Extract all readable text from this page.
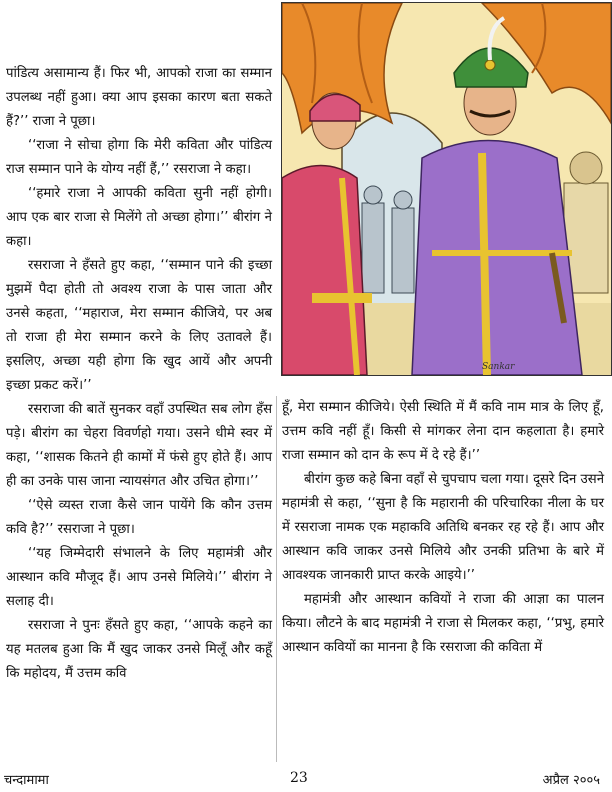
Sankar

पांडित्य असामान्य हैं। फिर भी, आपको राजा का सम्मान उपलब्ध नहीं हुआ। क्या आप इसका कारण बता सकते हैं?’’ राजा ने पूछा।

‘‘राजा ने सोचा होगा कि मेरी कविता और पांडित्य राज सम्मान पाने के योग्य नहीं हैं,’’ रसराजा ने कहा।

‘‘हमारे राजा ने आपकी कविता सुनी नहीं होगी। आप एक बार राजा से मिलेंगे तो अच्छा होगा।’’ बीरांग ने कहा।

रसराजा ने हँसते हुए कहा, ‘‘सम्मान पाने की इच्छा मुझमें पैदा होती तो अवश्य राजा के पास जाता और उनसे कहता, ‘‘महाराज, मेरा सम्मान कीजिये, पर अब तो राजा ही मेरा सम्मान करने के लिए उतावले हैं। इसलिए, अच्छा यही होगा कि खुद आयें और अपनी इच्छा प्रकट करें।’’

रसराजा की बातें सुनकर वहाँ उपस्थित सब लोग हँस पड़े। बीरांग का चेहरा विवर्णहो गया। उसने धीमे स्वर में कहा, ‘‘शासक कितने ही कामों में फंसे हुए होते हैं। आप ही का उनके पास जाना न्यायसंगत और उचित होगा।’’

‘‘ऐसे व्यस्त राजा कैसे जान पायेंगे कि कौन उत्तम कवि है?’’ रसराजा ने पूछा।

‘‘यह जिम्मेदारी संभालने के लिए महामंत्री और आस्थान कवि मौजूद हैं। आप उनसे मिलिये।’’ बीरांग ने सलाह दी।

रसराजा ने पुनः हँसते हुए कहा, ‘‘आपके कहने का यह मतलब हुआ कि मैं खुद जाकर उनसे मिलूँ और कहूँ कि महोदय, मैं उत्तम कवि

हूँ, मेरा सम्मान कीजिये। ऐसी स्थिति में मैं कवि नाम मात्र के लिए हूँ, उत्तम कवि नहीं हूँ। किसी से मांगकर लेना दान कहलाता है। हमारे राजा सम्मान को दान के रूप में दे रहे हैं।’’

बीरांग कुछ कहे बिना वहाँ से चुपचाप चला गया। दूसरे दिन उसने महामंत्री से कहा, ‘‘सुना है कि महारानी की परिचारिका नीला के घर में रसराजा नामक एक महाकवि अतिथि बनकर रह रहे हैं। आप और आस्थान कवि जाकर उनसे मिलिये और उनकी प्रतिभा के बारे में आवश्यक जानकारी प्राप्त करके आइये।’’

महामंत्री और आस्थान कवियों ने राजा की आज्ञा का पालन किया। लौटने के बाद महामंत्री ने राजा से मिलकर कहा, ‘‘प्रभु, हमारे आस्थान कवियों का मानना है कि रसराजा की कविता में

चन्दामामा	23	अप्रैल २००५
